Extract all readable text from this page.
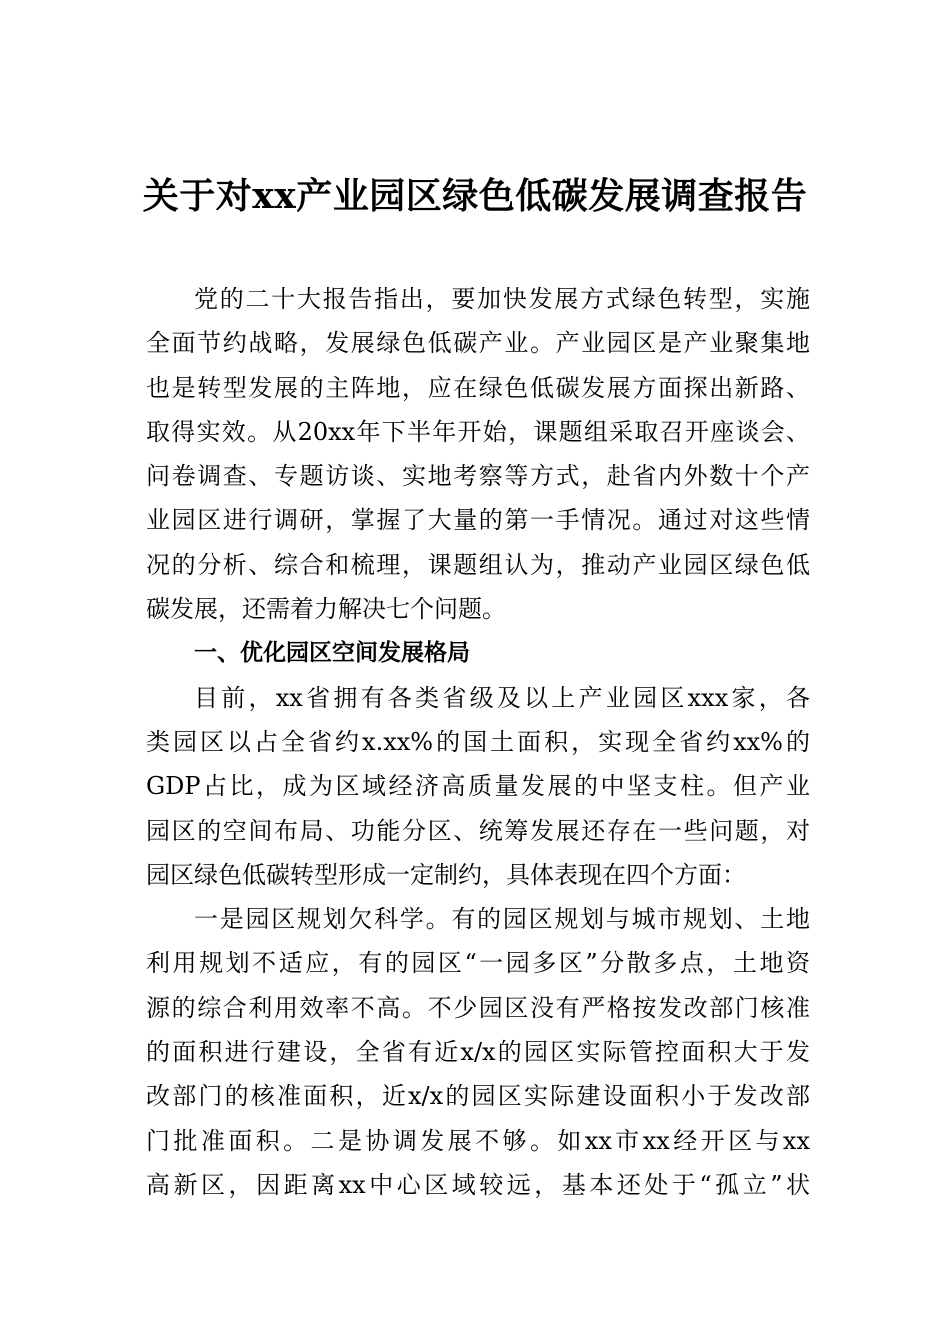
关于对xx产业园区绿色低碳发展调查报告
党的二十大报告指出，要加快发展方式绿色转型，实施
全面节约战略，发展绿色低碳产业。产业园区是产业聚集地
也是转型发展的主阵地，应在绿色低碳发展方面探出新路、
取得实效。从20xx年下半年开始，课题组采取召开座谈会、
问卷调查、专题访谈、实地考察等方式，赴省内外数十个产
业园区进行调研，掌握了大量的第一手情况。通过对这些情
况的分析、综合和梳理，课题组认为，推动产业园区绿色低
碳发展，还需着力解决七个问题。
一、优化园区空间发展格局
目前，xx省拥有各类省级及以上产业园区xxx家，各
类园区以占全省约x.xx%的国土面积，实现全省约xx%的
GDP占比，成为区域经济高质量发展的中坚支柱。但产业
园区的空间布局、功能分区、统筹发展还存在一些问题，对
园区绿色低碳转型形成一定制约，具体表现在四个方面：
一是园区规划欠科学。有的园区规划与城市规划、土地
利用规划不适应，有的园区“一园多区”分散多点，土地资
源的综合利用效率不高。不少园区没有严格按发改部门核准
的面积进行建设，全省有近x/x的园区实际管控面积大于发
改部门的核准面积，近x/x的园区实际建设面积小于发改部
门批准面积。二是协调发展不够。如xx市xx经开区与xx
高新区，因距离xx中心区域较远，基本还处于“孤立”状
